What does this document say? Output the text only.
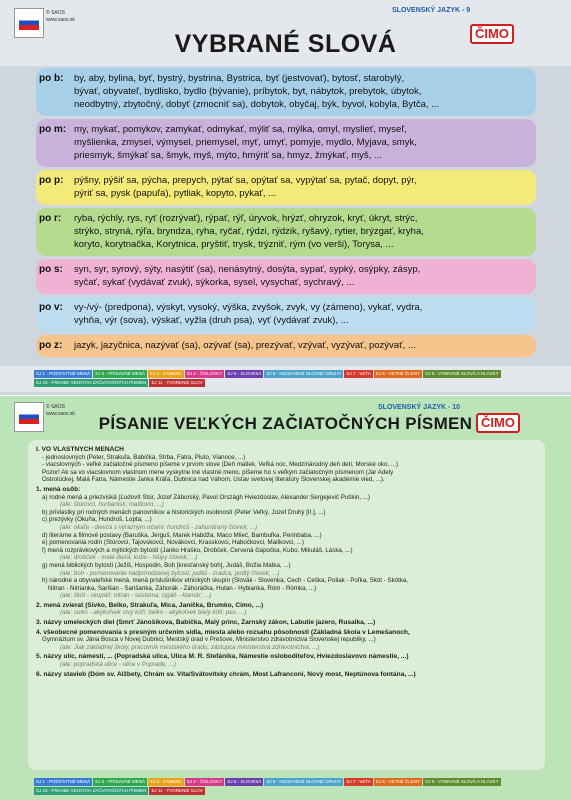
© SAOS
www.saos.sk
SLOVENSKÝ JAZYK - 9
ČIMO
VYBRANÉ SLOVÁ
po b:	by, aby, bylina, byť, bystrý, bystrina, Bystrica, byť (jestvovať), bytosť, starobylý,
bývať, obyvateľ, bydlisko, bydlo (bývanie), príbytok, byt, nábytok, prebytok, úbytok,
neodbytný, zbytočný, dobyť (zmocniť sa), dobytok, obyčaj, býk, byvol, kobyla, Bytča, ...
po m: my, mykať, pomykov, zamykať, odmykať, mýliť sa, mýlka, omyl, myslieť, myseľ,
myšlienka, zmysel, výmysel, priemysel, myť, umyť, pomyje, mydlo, Myjava, smyk,
priesmyk, šmýkať sa, šmyk, myš, mýto, hmýriť sa, hmyz, žmýkať, myš, ...
po p:	pýšny, pýšiť sa, pýcha, prepych, pýtať sa, opýtať sa, vypýtať sa, pytač, dopyt, pýr,
pýriť sa, pysk (papuľa), pytliak, kopyto, pykať, ...
po r:	ryba, rýchly, rys, ryť (rozrývať), rýpať, rýľ, úryvok, hrýzť, ohryzok, kryť, úkryt, strýc,
strýko, stryná, rýľa, bryndza, ryha, ryčať, rýdzi, rýdzik, ryšavý, rytier, brýzgať, kryha,
koryto, korytnačka, Korytnica, pryštiť, trysk, trýzniť, rým (vo verši), Torysa, ...
po s:	syn, syr, syrový, sýty, nasýtiť (sa), nenásytný, dosýta, sypať, sypký, osýpky, zásyp,
syčať, sykať (vydávať zvuk), sýkorka, sysel, vysychať, sychravý, ...
po v:	vy-/vý- (predpona), výskyt, vysoký, výška, zvyšok, zvyk, vy (zámeno), vykať, vydra,
vyhňa, výr (sova), výskať, vyžla (druh psa), vyť (vydávať zvuk), ...
po z:	jazyk, jazyčnica, nazývať (sa), ozývať (sa), prezývať, vzývať, vyzývať, pozývať, ...
SJ 1 - PODSTATNÉ MENÁ	SJ 2 - PRÍDAVNÉ MENÁ	SJ 3 - ZÁMENÁ	SJ 4 - ČÍSLOVKY	SJ 5 - SLOVESÁ	SJ 6 - NEOHYBNÉ SLOVNÉ DRUHY	SJ 7 - VETA	SJ 8 - VETNÉ ČLENY	SJ 9 - VYBRANÉ SLOVÁ A HLÁSKY
SJ 10 - PÍSANIE VEĽKÝCH ZAČIATOČNÝCH PÍSMEN	SJ 11 - TVORENIE SLOV
© SAOS
www.saos.sk
SLOVENSKÝ JAZYK - 10
ČIMO
PÍSANIE VEĽKÝCH ZAČIATOČNÝCH PÍSMEN
I. VO VLASTNÝCH MENÁCH
- jednoslovných (Peter, Strakuľa, Babička, Štrba, Fatra, Pluto, Vianoce, ...)
- viacslovných - veľké začiatočné písmeno píšeme v prvom slove (Deň matiek, Veľká noc, Medzinárodný deň detí, Morské oko, ...)
Pozor! Ak sa vo viacslovnom vlastnom mene vyskytne iné vlastné meno, píšeme ho s veľkým začiatočným písmenom (Jar Adely
Ostrolúckej, Malá Fatra, Námestie Janka Kráľa, Dubnica nad Váhom, Ústav svetovej literatúry Slovenskej akadémie vied, ...).
1. mená osôb:
a) rodné mená a priezviská (Ľudovít Štúr, Jozef Záborský, Pavol Országh Hviezdoslav, Alexander Sergejevič Puškin, ...)
(ale: štúrovci, hurbanisti, mattiovci, ...)
b) prívlastky pri rodných menách panovníkov a historických osobností (Peter Veľký, Jozef Druhý [II.], ...)
c) prezývky (Okuňa, Hundroš, Lopta, ...)
(ale: okaľa - dievča s výrazným očami; hundroš - zahundraný človek; ...)
d) literárne a filmové postavy (Baruška, Jerguš, Marek Habdža, Maco Mlieč, Bambuľka, Perinbaba, ...)
e) pomenovania rodín (Štúrovci, Tajovskovci, Novákovci, Krasskovci, Habočkovci, Malíkovci, ...)
f) mená rozprávkových a mýtických bytostí (Janko Hraško, Drobček, Červená čiapočka, Kubo, Mikuláš, Láska, ...)
(ale: drobček - malé dieťa; kubo - hlúpy človek; ...)
g) mená biblických bytostí (Ježiš, Hospodin, Boh [kresťanský boh], Judáš, Božia Matka, ...)
(ale: boh - pomenovanie nadprirodzenej bytosti; judáš - zradca, podlý človek; ...)
h) národné a obyvateľské mená, mená príslušníkov etnických skupín (Slovák - Slovenka, Čech - Češka, Poliak - Poľka, Škót - Škótka,
Nitran - Nitrianka, Šarišan - Šarišanka, Záhorák - Záhoráčka, Hutan - Hybianka, Róm - Rómka, ...)
(ale: škót - skupáň; nitran - sústema; cigáň - klamár; ...)
2. mená zvierat (Sivko, Belko, Strakuľa, Mica, Janíčka, Brumko, Čimo, ...)
(ale: sivko - akýkoľvek sivý kôň; belko - akýkoľvek biely kôň; pes, ...)
3. názvy umeleckých diel (Smrť Jánošíkova, Babička, Malý princ, Žarnský zákon, Labutie jazero, Rusalka, ...)
4. všeobecné pomenovania s presným určením sídla, miesta alebo rozsahu pôsobnosti (Základná škola v Lemešanoch,
Gymnázium sv. Jána Bosca v Novej Dubnici, Mestský úrad v Prešove, Ministerstvo zdravotníctva Slovenskej republiky, ...)
(ale: Jiak základnej školy, pracovník mestského úradu, zástupca ministerstva zdravotníctva, ...)
5. názvy ulíc, námestí, ... (Popradská ulica, Ulica M. R. Štefánika, Námestie osloboditeľov, Hviezdoslavovo námestie, ...)
(ale: popradská ulice - ulice v Poprade, ...)
6. názvy stavieb (Dóm sv. Alžbety, Chrám sv. Víta/Svätovítsky chrám, Most Lafranconi, Nový most, Neptúnova fontána, ...)
SJ 1 - PODSTATNÉ MENÁ	SJ 2 - PRÍDAVNÉ MENÁ	SJ 3 - ZÁMENÁ	SJ 4 - ČÍSLOVKY	SJ 5 - SLOVESÁ	SJ 6 - NEOHYBNÉ SLOVNÉ DRUHY	SJ 7 - VETA	SJ 8 - VETNÉ ČLENY	SJ 9 - VYBRANÉ SLOVÁ A HLÁSKY
SJ 10 - PÍSANIE VEĽKÝCH ZAČIATOČNÝCH PÍSMEN	SJ 11 - TVORENIE SLOV
